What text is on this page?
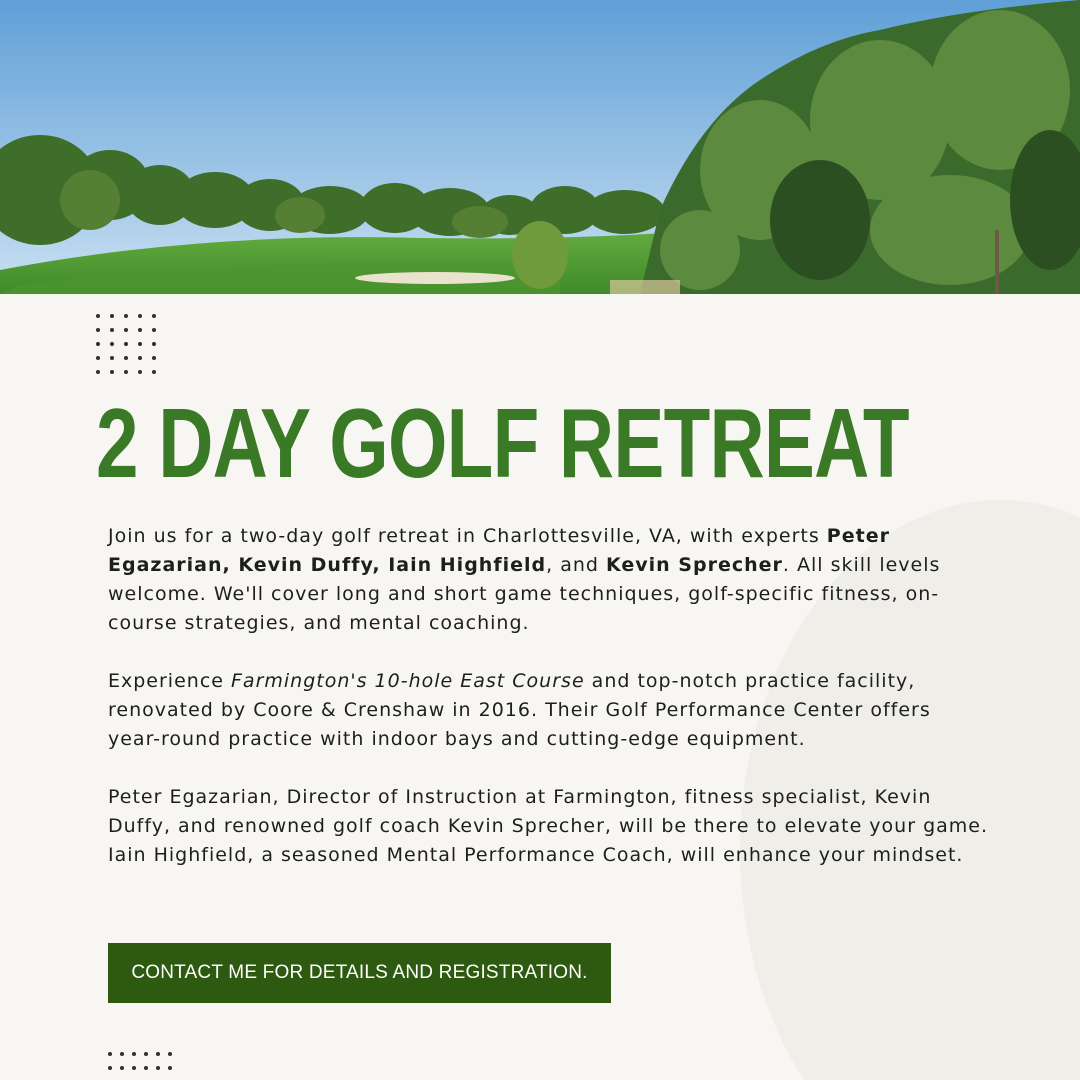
2 DAY GOLF RETREAT

Join us for a two-day golf retreat in Charlottesville, VA, with experts Peter Egazarian, Kevin Duffy, Iain Highfield, and Kevin Sprecher. All skill levels welcome. We'll cover long and short game techniques, golf-specific fitness, on-course strategies, and mental coaching.

Experience Farmington's 10-hole East Course and top-notch practice facility, renovated by Coore & Crenshaw in 2016. Their Golf Performance Center offers year-round practice with indoor bays and cutting-edge equipment.

Peter Egazarian, Director of Instruction at Farmington, fitness specialist, Kevin Duffy, and renowned golf coach Kevin Sprecher, will be there to elevate your game. Iain Highfield, a seasoned Mental Performance Coach, will enhance your mindset.

CONTACT ME FOR DETAILS AND REGISTRATION.
